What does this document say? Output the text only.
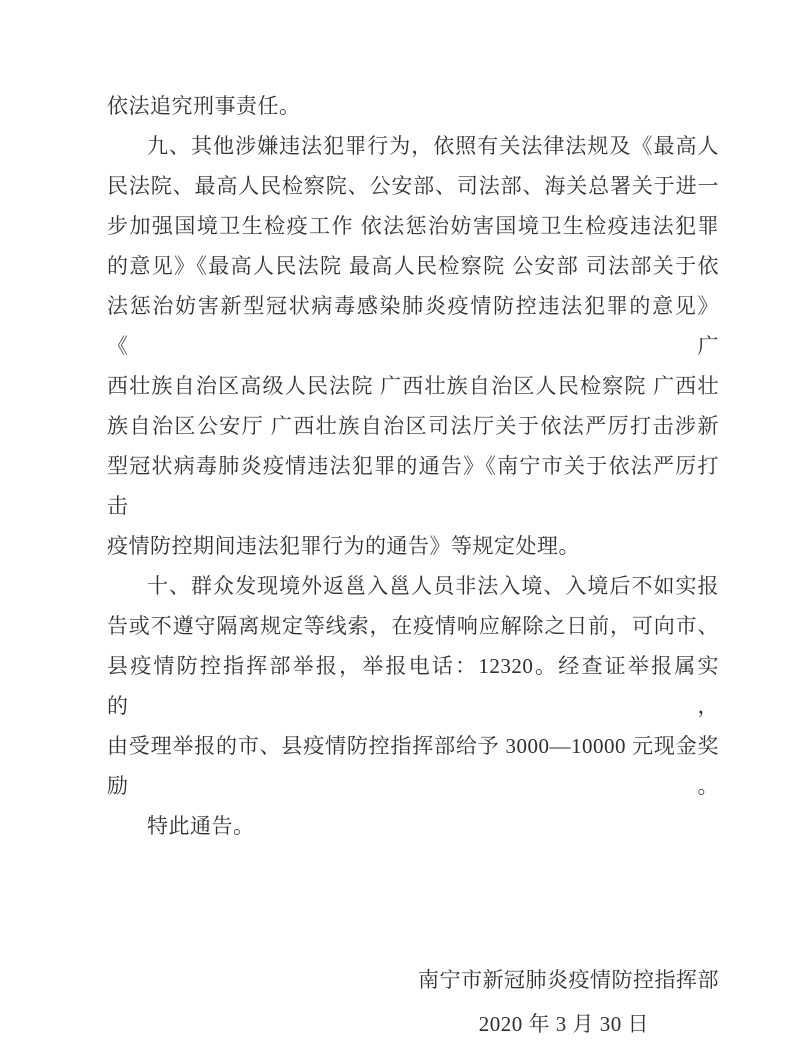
依法追究刑事责任。
九、其他涉嫌违法犯罪行为，依照有关法律法规及《最高人
民法院、最高人民检察院、公安部、司法部、海关总署关于进一
步加强国境卫生检疫工作 依法惩治妨害国境卫生检疫违法犯罪
的意见》《最高人民法院 最高人民检察院 公安部 司法部关于依
法惩治妨害新型冠状病毒感染肺炎疫情防控违法犯罪的意见》《广
西壮族自治区高级人民法院 广西壮族自治区人民检察院 广西壮
族自治区公安厅 广西壮族自治区司法厅关于依法严厉打击涉新
型冠状病毒肺炎疫情违法犯罪的通告》《南宁市关于依法严厉打击
疫情防控期间违法犯罪行为的通告》等规定处理。
十、群众发现境外返邕入邕人员非法入境、入境后不如实报
告或不遵守隔离规定等线索，在疫情响应解除之日前，可向市、
县疫情防控指挥部举报，举报电话：12320。经查证举报属实的，
由受理举报的市、县疫情防控指挥部给予 3000—10000 元现金奖励。
特此通告。
南宁市新冠肺炎疫情防控指挥部
2020 年 3 月 30 日
